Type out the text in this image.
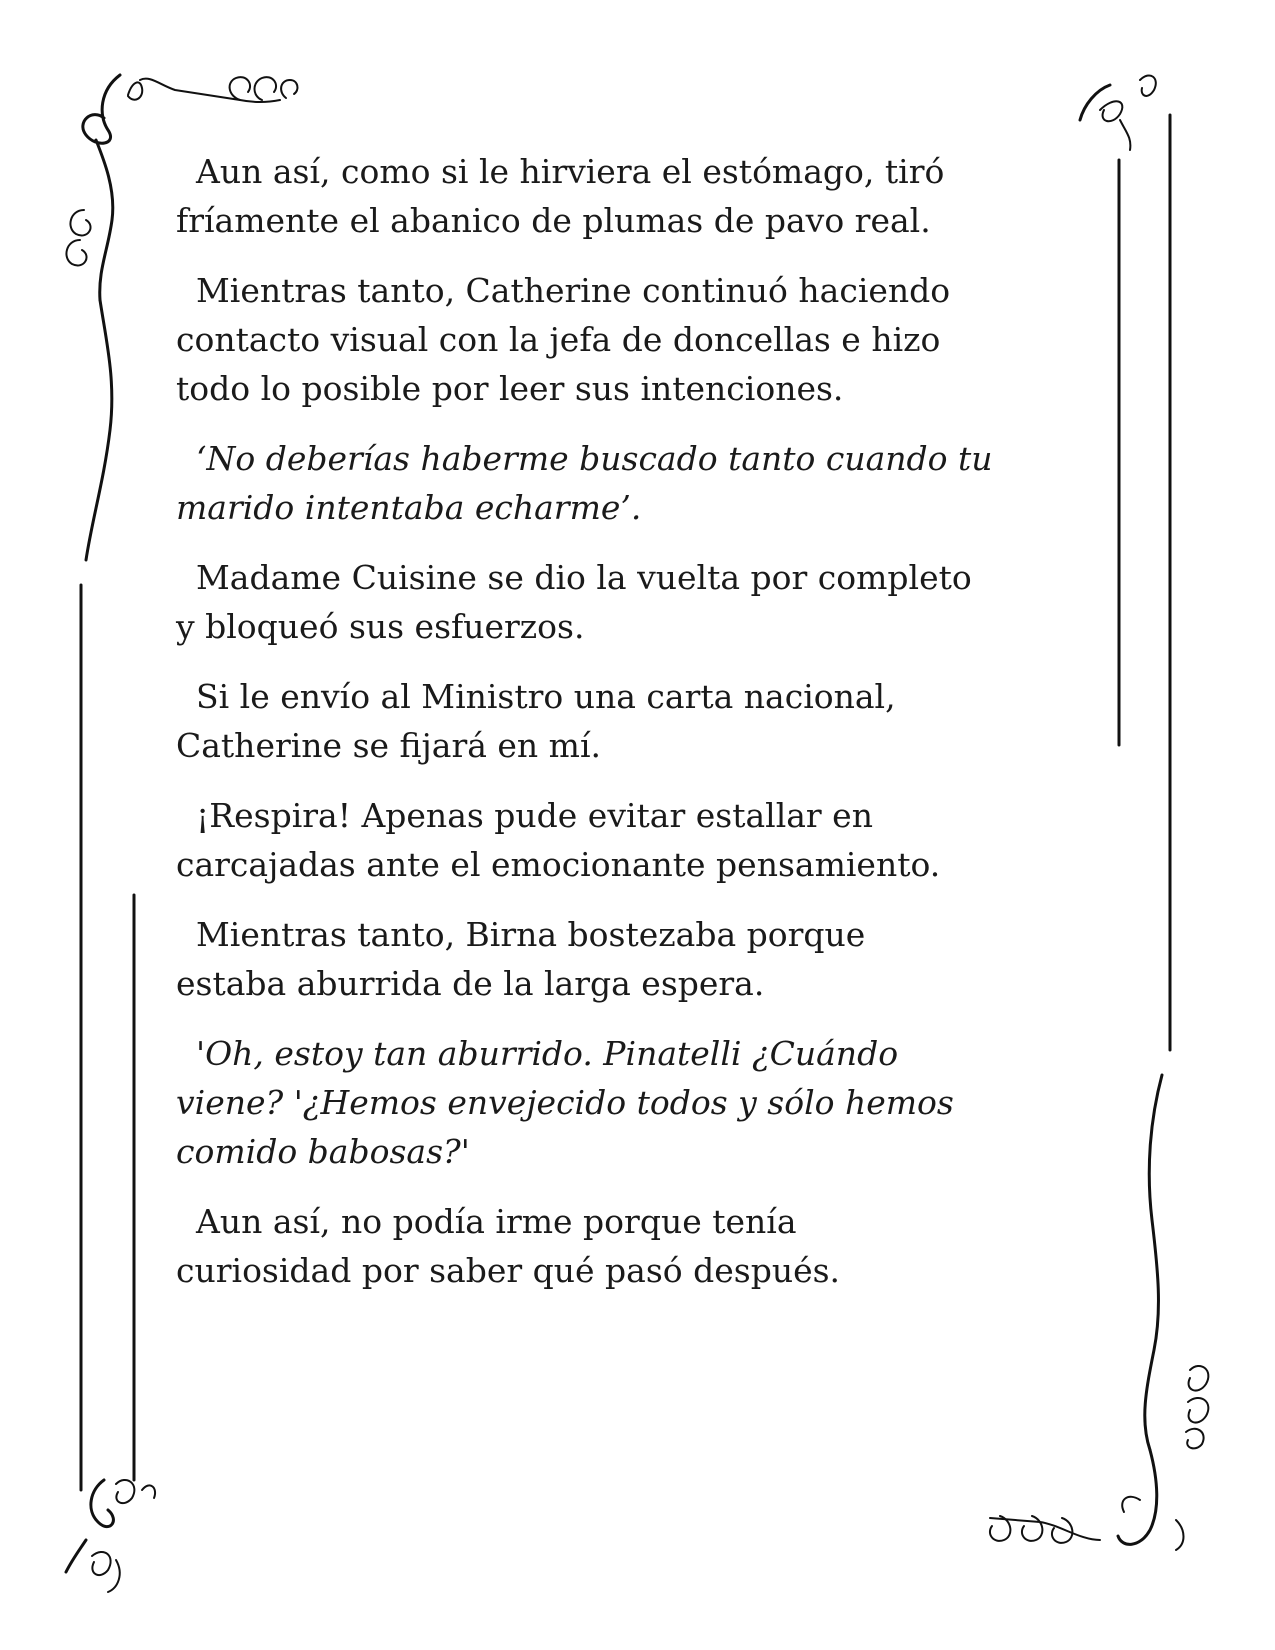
Aun así, como si le hirviera el estómago, tiró
fríamente el abanico de plumas de pavo real.

Mientras tanto, Catherine continuó haciendo
contacto visual con la jefa de doncellas e hizo
todo lo posible por leer sus intenciones.

‘No deberías haberme buscado tanto cuando tu
marido intentaba echarme’.

Madame Cuisine se dio la vuelta por completo
y bloqueó sus esfuerzos.

Si le envío al Ministro una carta nacional,
Catherine se fijará en mí.

¡Respira! Apenas pude evitar estallar en
carcajadas ante el emocionante pensamiento.

Mientras tanto, Birna bostezaba porque
estaba aburrida de la larga espera.

'Oh, estoy tan aburrido. Pinatelli ¿Cuándo
viene? '¿Hemos envejecido todos y sólo hemos
comido babosas?'

Aun así, no podía irme porque tenía
curiosidad por saber qué pasó después.
